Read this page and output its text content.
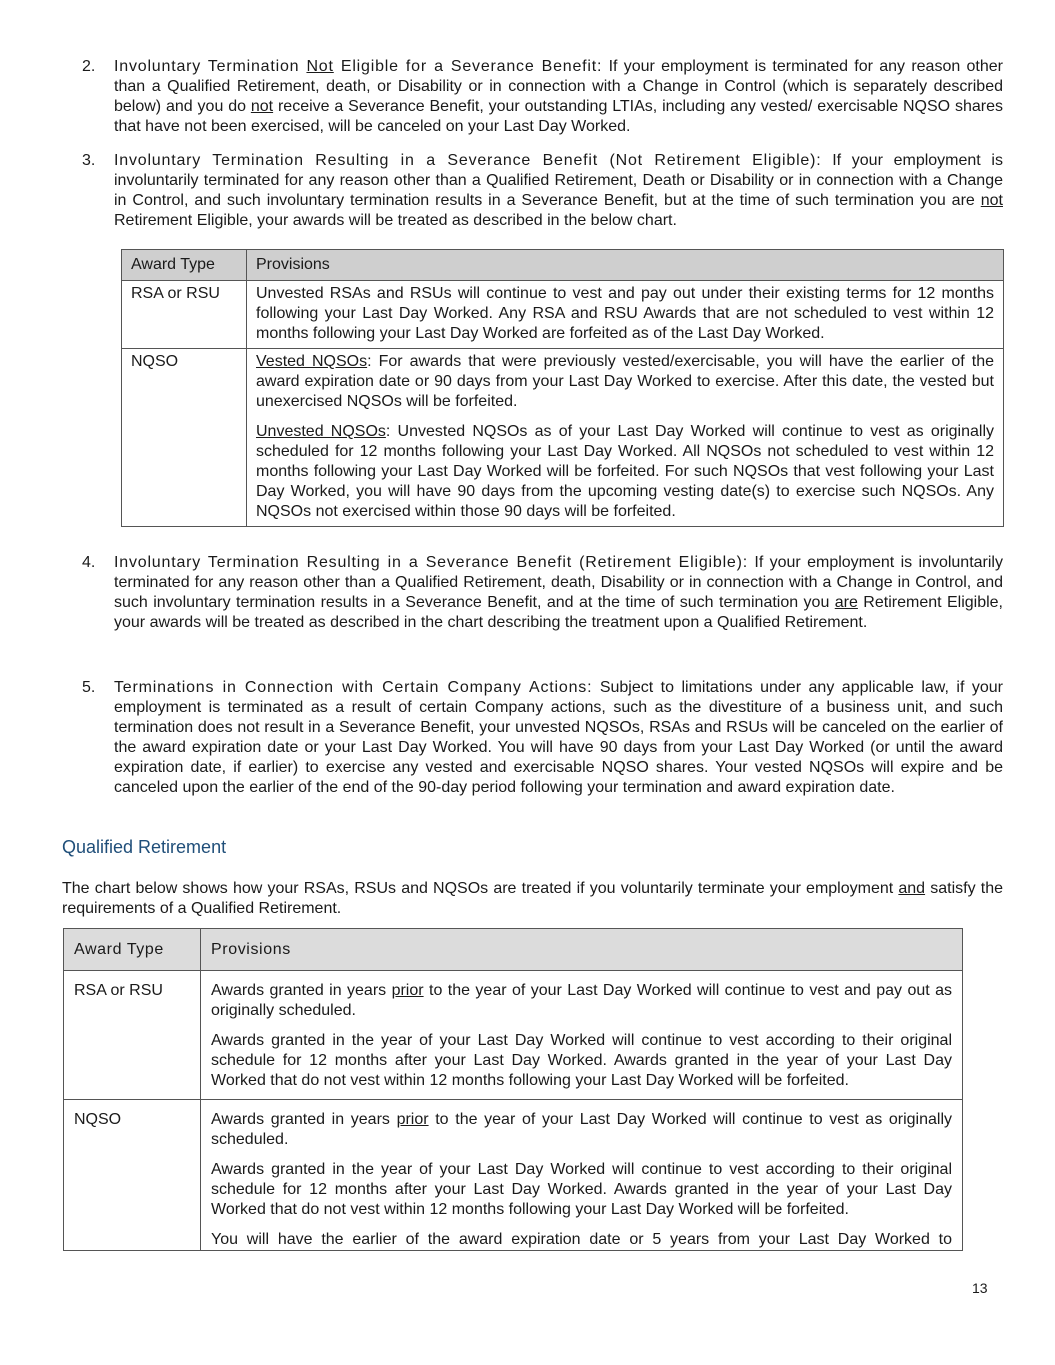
2. Involuntary Termination Not Eligible for a Severance Benefit: If your employment is terminated for any reason other than a Qualified Retirement, death, or Disability or in connection with a Change in Control (which is separately described below) and you do not receive a Severance Benefit, your outstanding LTIAs, including any vested/ exercisable NQSO shares that have not been exercised, will be canceled on your Last Day Worked.
3. Involuntary Termination Resulting in a Severance Benefit (Not Retirement Eligible): If your employment is involuntarily terminated for any reason other than a Qualified Retirement, Death or Disability or in connection with a Change in Control, and such involuntary termination results in a Severance Benefit, but at the time of such termination you are not Retirement Eligible, your awards will be treated as described in the below chart.
Award Type	Provisions
RSA or RSU	Unvested RSAs and RSUs will continue to vest and pay out under their existing terms for 12 months following your Last Day Worked. Any RSA and RSU Awards that are not scheduled to vest within 12 months following your Last Day Worked are forfeited as of the Last Day Worked.

NQSO	Vested NQSOs: For awards that were previously vested/exercisable, you will have the earlier of the award expiration date or 90 days from your Last Day Worked to exercise. After this date, the vested but unexercised NQSOs will be forfeited.

Unvested NQSOs: Unvested NQSOs as of your Last Day Worked will continue to vest as originally scheduled for 12 months following your Last Day Worked. All NQSOs not scheduled to vest within 12 months following your Last Day Worked will be forfeited. For such NQSOs that vest following your Last Day Worked, you will have 90 days from the upcoming vesting date(s) to exercise such NQSOs. Any NQSOs not exercised within those 90 days will be forfeited.

4. Involuntary Termination Resulting in a Severance Benefit (Retirement Eligible): If your employment is involuntarily terminated for any reason other than a Qualified Retirement, death, Disability or in connection with a Change in Control, and such involuntary termination results in a Severance Benefit, and at the time of such termination you are Retirement Eligible, your awards will be treated as described in the chart describing the treatment upon a Qualified Retirement.
5. Terminations in Connection with Certain Company Actions: Subject to limitations under any applicable law, if your employment is terminated as a result of certain Company actions, such as the divestiture of a business unit, and such termination does not result in a Severance Benefit, your unvested NQSOs, RSAs and RSUs will be canceled on the earlier of the award expiration date or your Last Day Worked. You will have 90 days from your Last Day Worked (or until the award expiration date, if earlier) to exercise any vested and exercisable NQSO shares. Your vested NQSOs will expire and be canceled upon the earlier of the end of the 90-day period following your termination and award expiration date.
Qualified Retirement
The chart below shows how your RSAs, RSUs and NQSOs are treated if you voluntarily terminate your employment and satisfy the requirements of a Qualified Retirement.
Award Type	Provisions
RSA or RSU	Awards granted in years prior to the year of your Last Day Worked will continue to vest and pay out as originally scheduled.

Awards granted in the year of your Last Day Worked will continue to vest according to their original schedule for 12 months after your Last Day Worked. Awards granted in the year of your Last Day Worked that do not vest within 12 months following your Last Day Worked will be forfeited.

NQSO	Awards granted in years prior to the year of your Last Day Worked will continue to vest as originally scheduled.

Awards granted in the year of your Last Day Worked will continue to vest according to their original schedule for 12 months after your Last Day Worked. Awards granted in the year of your Last Day Worked that do not vest within 12 months following your Last Day Worked will be forfeited.

You will have the earlier of the award expiration date or 5 years from your Last Day Worked to

13
